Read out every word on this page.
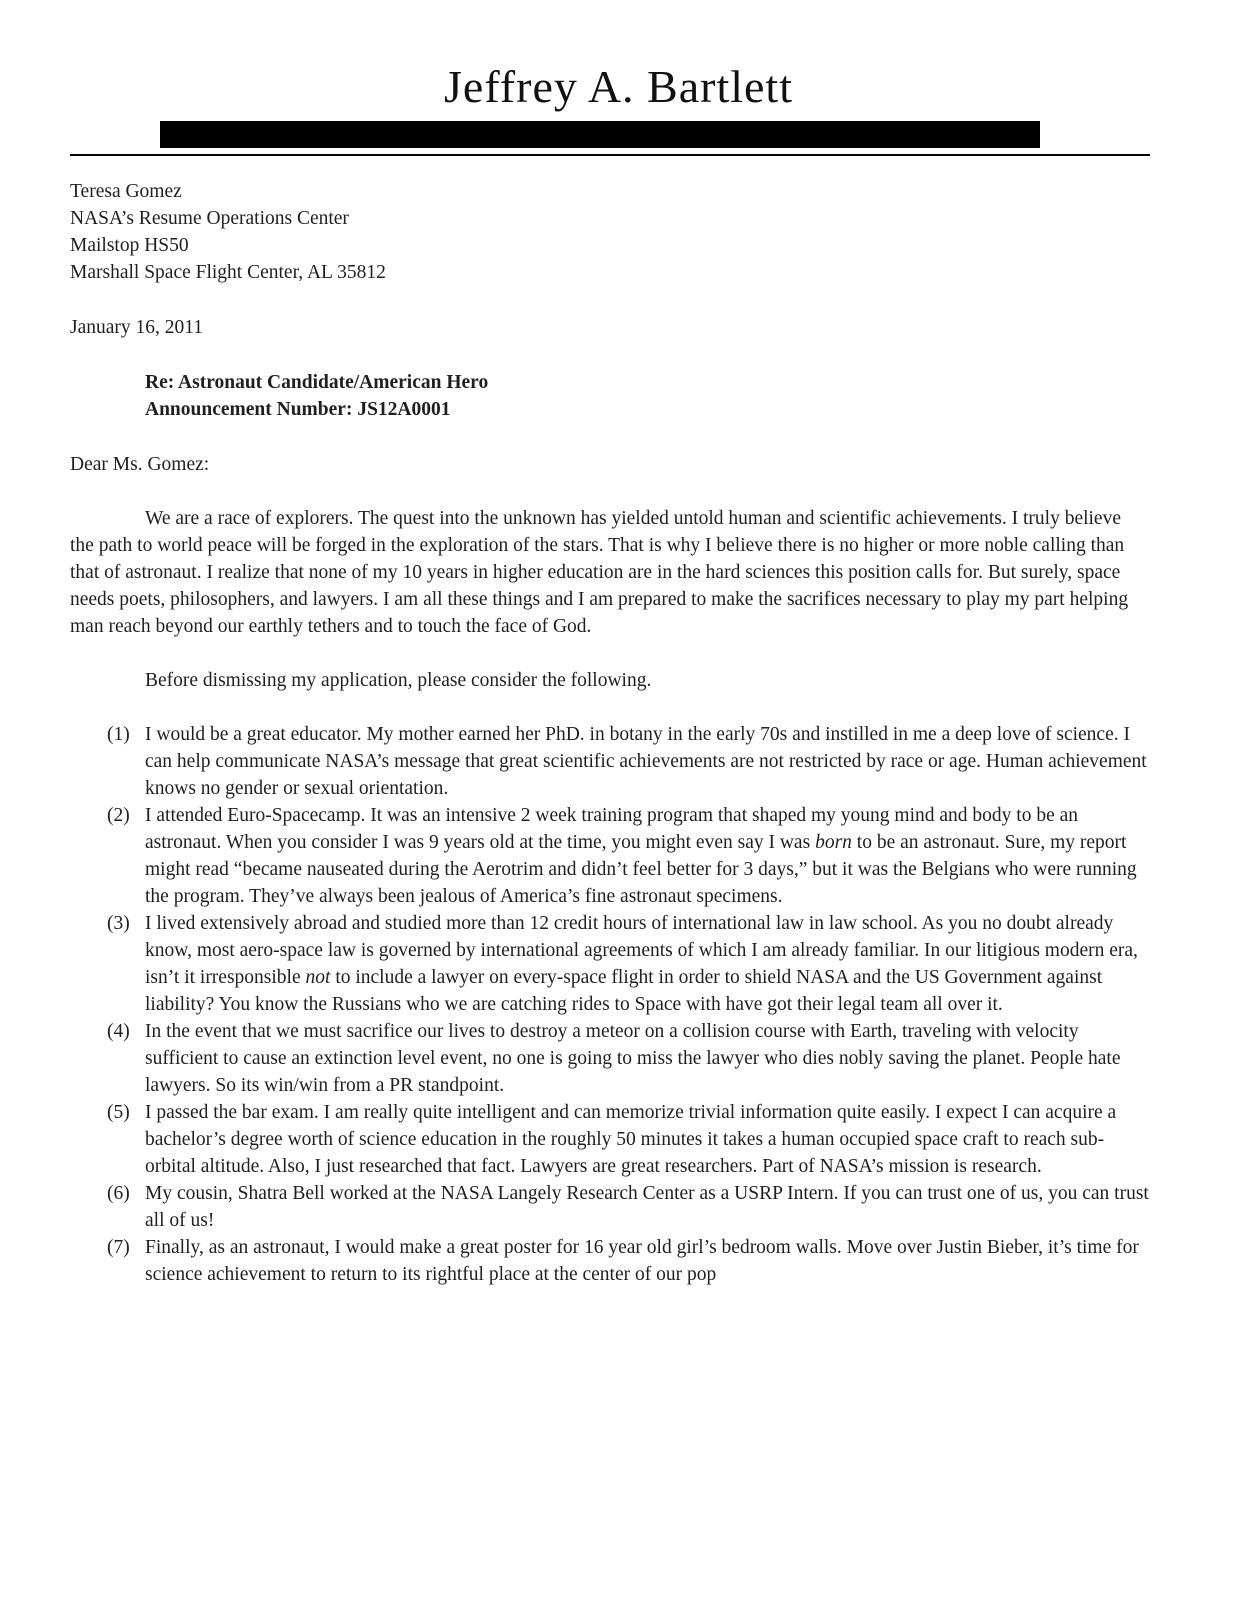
Jeffrey A. Bartlett
Teresa Gomez
NASA’s Resume Operations Center
Mailstop HS50
Marshall Space Flight Center, AL 35812
January 16, 2011
Re: Astronaut Candidate/American Hero
Announcement Number: JS12A0001
Dear Ms. Gomez:

We are a race of explorers. The quest into the unknown has yielded untold human and scientific achievements. I truly believe the path to world peace will be forged in the exploration of the stars. That is why I believe there is no higher or more noble calling than that of astronaut. I realize that none of my 10 years in higher education are in the hard sciences this position calls for. But surely, space needs poets, philosophers, and lawyers. I am all these things and I am prepared to make the sacrifices necessary to play my part helping man reach beyond our earthly tethers and to touch the face of God.

Before dismissing my application, please consider the following.

(1) I would be a great educator. My mother earned her PhD. in botany in the early 70s and instilled in me a deep love of science. I can help communicate NASA’s message that great scientific achievements are not restricted by race or age. Human achievement knows no gender or sexual orientation.
(2) I attended Euro-Spacecamp. It was an intensive 2 week training program that shaped my young mind and body to be an astronaut. When you consider I was 9 years old at the time, you might even say I was born to be an astronaut. Sure, my report might read “became nauseated during the Aerotrim and didn’t feel better for 3 days,” but it was the Belgians who were running the program. They’ve always been jealous of America’s fine astronaut specimens.
(3) I lived extensively abroad and studied more than 12 credit hours of international law in law school. As you no doubt already know, most aero-space law is governed by international agreements of which I am already familiar. In our litigious modern era, isn’t it irresponsible not to include a lawyer on every-space flight in order to shield NASA and the US Government against liability? You know the Russians who we are catching rides to Space with have got their legal team all over it.
(4) In the event that we must sacrifice our lives to destroy a meteor on a collision course with Earth, traveling with velocity sufficient to cause an extinction level event, no one is going to miss the lawyer who dies nobly saving the planet. People hate lawyers. So its win/win from a PR standpoint.
(5) I passed the bar exam. I am really quite intelligent and can memorize trivial information quite easily. I expect I can acquire a bachelor’s degree worth of science education in the roughly 50 minutes it takes a human occupied space craft to reach sub-orbital altitude. Also, I just researched that fact. Lawyers are great researchers. Part of NASA’s mission is research.
(6) My cousin, Shatra Bell worked at the NASA Langely Research Center as a USRP Intern. If you can trust one of us, you can trust all of us!
(7) Finally, as an astronaut, I would make a great poster for 16 year old girl’s bedroom walls. Move over Justin Bieber, it’s time for science achievement to return to its rightful place at the center of our pop
